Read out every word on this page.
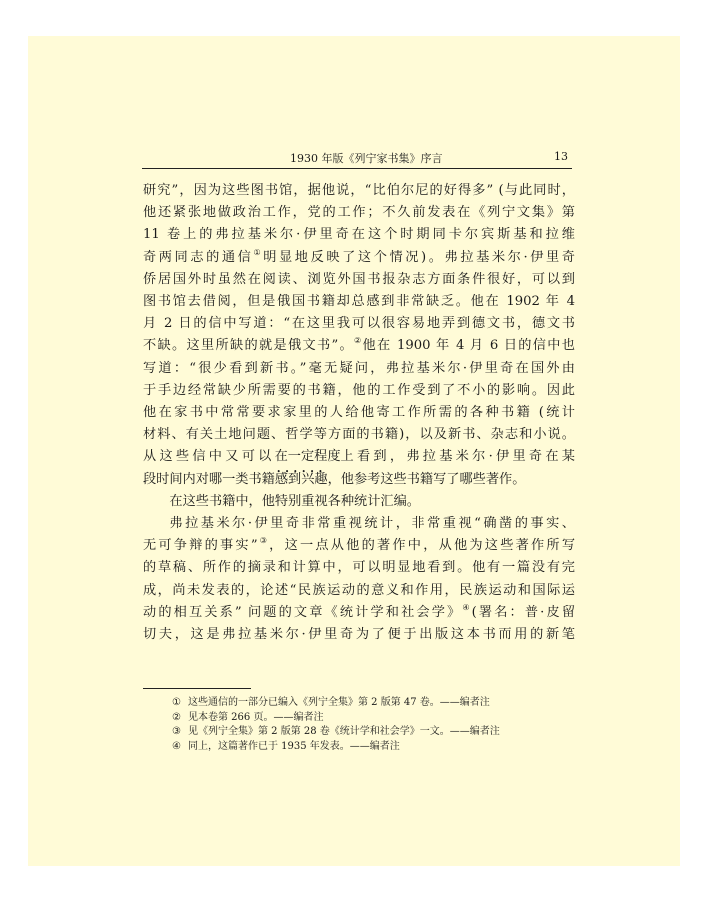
1930 年版《列宁家书集》序言	13

研究”，因为这些图书馆，据他说，“比伯尔尼的好得多” (与此同时，

他还紧张地做政治工作，党的工作；不久前发表在《列宁文集》第

11 卷上的弗拉基米尔·伊里奇在这个时期同卡尔宾斯基和拉维

奇两同志的通信①明显地反映了这个情况)。弗拉基米尔·伊里奇

侨居国外时虽然在阅读、浏览外国书报杂志方面条件很好，可以到

图书馆去借阅，但是俄国书籍却总感到非常缺乏。他在 1902 年 4

月 2 日的信中写道：“在这里我可以很容易地弄到德文书，德文书

不缺。这里所缺的就是俄文书”。②他在 1900 年 4 月 6 日的信中也

写道：“很少看到新书。”毫无疑问，弗拉基米尔·伊里奇在国外由

于手边经常缺少所需要的书籍，他的工作受到了不小的影响。因此

他在家书中常常要求家里的人给他寄工作所需的各种书籍 (统计

材料、有关土地问题、哲学等方面的书籍)，以及新书、杂志和小说。

从这些信中又可以在一定程度上 • • •看到，弗拉基米尔·伊里奇在某

段时间内对哪一类书籍感到兴趣，他参考这些书籍写了哪些著作。

在这些书籍中，他特别重视各种统计汇编。

弗拉基米尔·伊里奇非常重视统计，非常重视“确凿的事实、

无可争辩的事实”③，这一点从他的著作中，从他为这些著作所写

的草稿、所作的摘录和计算中，可以明显地看到。他有一篇没有完

成，尚未发表的，论述“民族运动的意义和作用，民族运动和国际运

动的相互关系” 问题的文章《统计学和社会学》④(署名：普·皮留

切夫，这是弗拉基米尔·伊里奇为了便于出版这本书而用的新笔

① 这些通信的一部分已编入《列宁全集》第 2 版第 47 卷。——编者注
② 见本卷第 266 页。——编者注
③ 见《列宁全集》第 2 版第 28 卷《统计学和社会学》一文。——编者注
④ 同上，这篇著作已于 1935 年发表。——编者注
